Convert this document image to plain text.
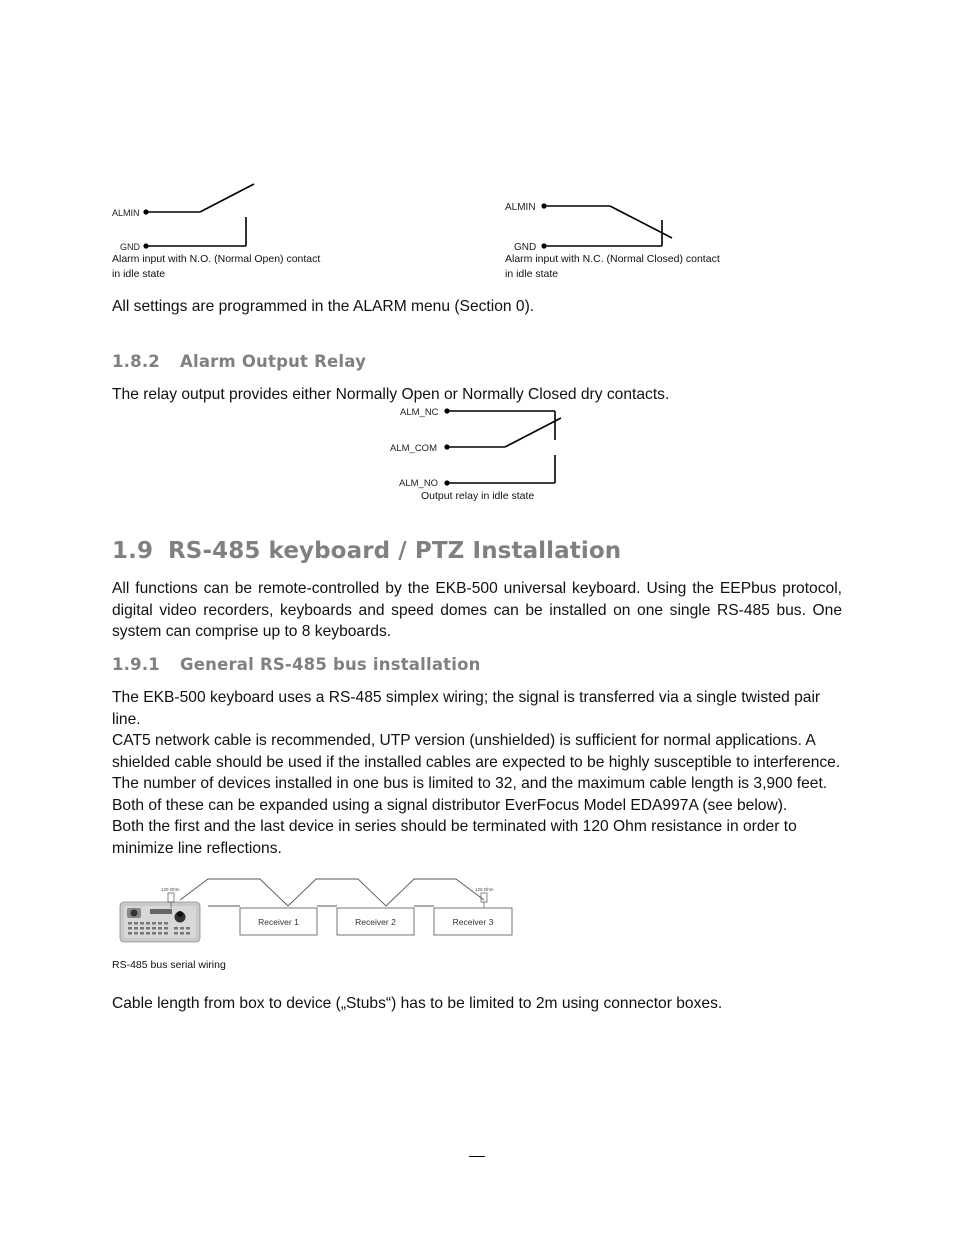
ALMIN
GND
Alarm input with N.O. (Normal Open) contact
in idle state
ALMIN
GND
Alarm input with N.C. (Normal Closed) contact
in idle state

All settings are programmed in the ALARM menu (Section 0).

1.8.2 Alarm Output Relay

The relay output provides either Normally Open or Normally Closed dry contacts.

ALM_NC
ALM_COM
ALM_NO
Output relay in idle state
1.9 RS-485 keyboard / PTZ Installation

All functions can be remote-controlled by the EKB-500 universal keyboard. Using the EEPbus protocol, digital video recorders, keyboards and speed domes can be installed on one single RS-485 bus. One system can comprise up to 8 keyboards.

1.9.1 General RS-485 bus installation
The EKB-500 keyboard uses a RS-485 simplex wiring; the signal is transferred via a single twisted pair line.
CAT5 network cable is recommended, UTP version (unshielded) is sufficient for normal applications. A
shielded cable should be used if the installed cables are expected to be highly susceptible to interference.
The number of devices installed in one bus is limited to 32, and the maximum cable length is 3,900 feet.
Both of these can be expanded using a signal distributor EverFocus Model EDA997A (see below).
Both the first and the last device in series should be terminated with 120 Ohm resistance in order to
minimize line reflections.
120 Ohm	120 Ohm
Receiver 1	Receiver 2	Receiver 3
RS-485 bus serial wiring

Cable length from box to device („Stubs“) has to be limited to 2m using connector boxes.
